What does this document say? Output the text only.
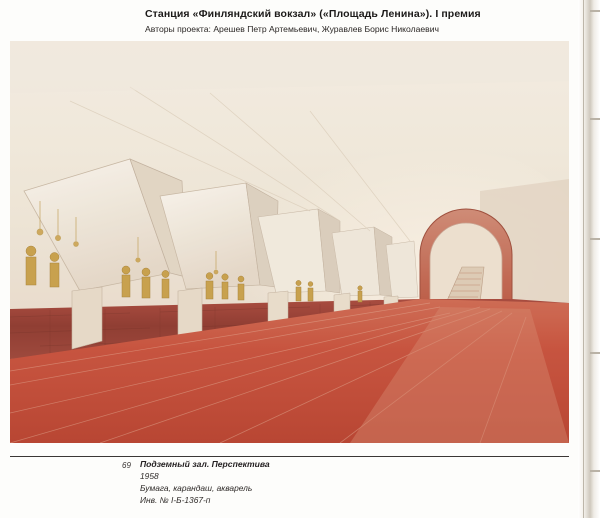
Станция «Финляндский вокзал» («Площадь Ленина»). I премия
Авторы проекта: Арешев Петр Артемьевич, Журавлев Борис Николаевич
69 Подземный зал. Перспектива
1958
Бумага, карандаш, акварель
Инв. № I-Б-1367-п
